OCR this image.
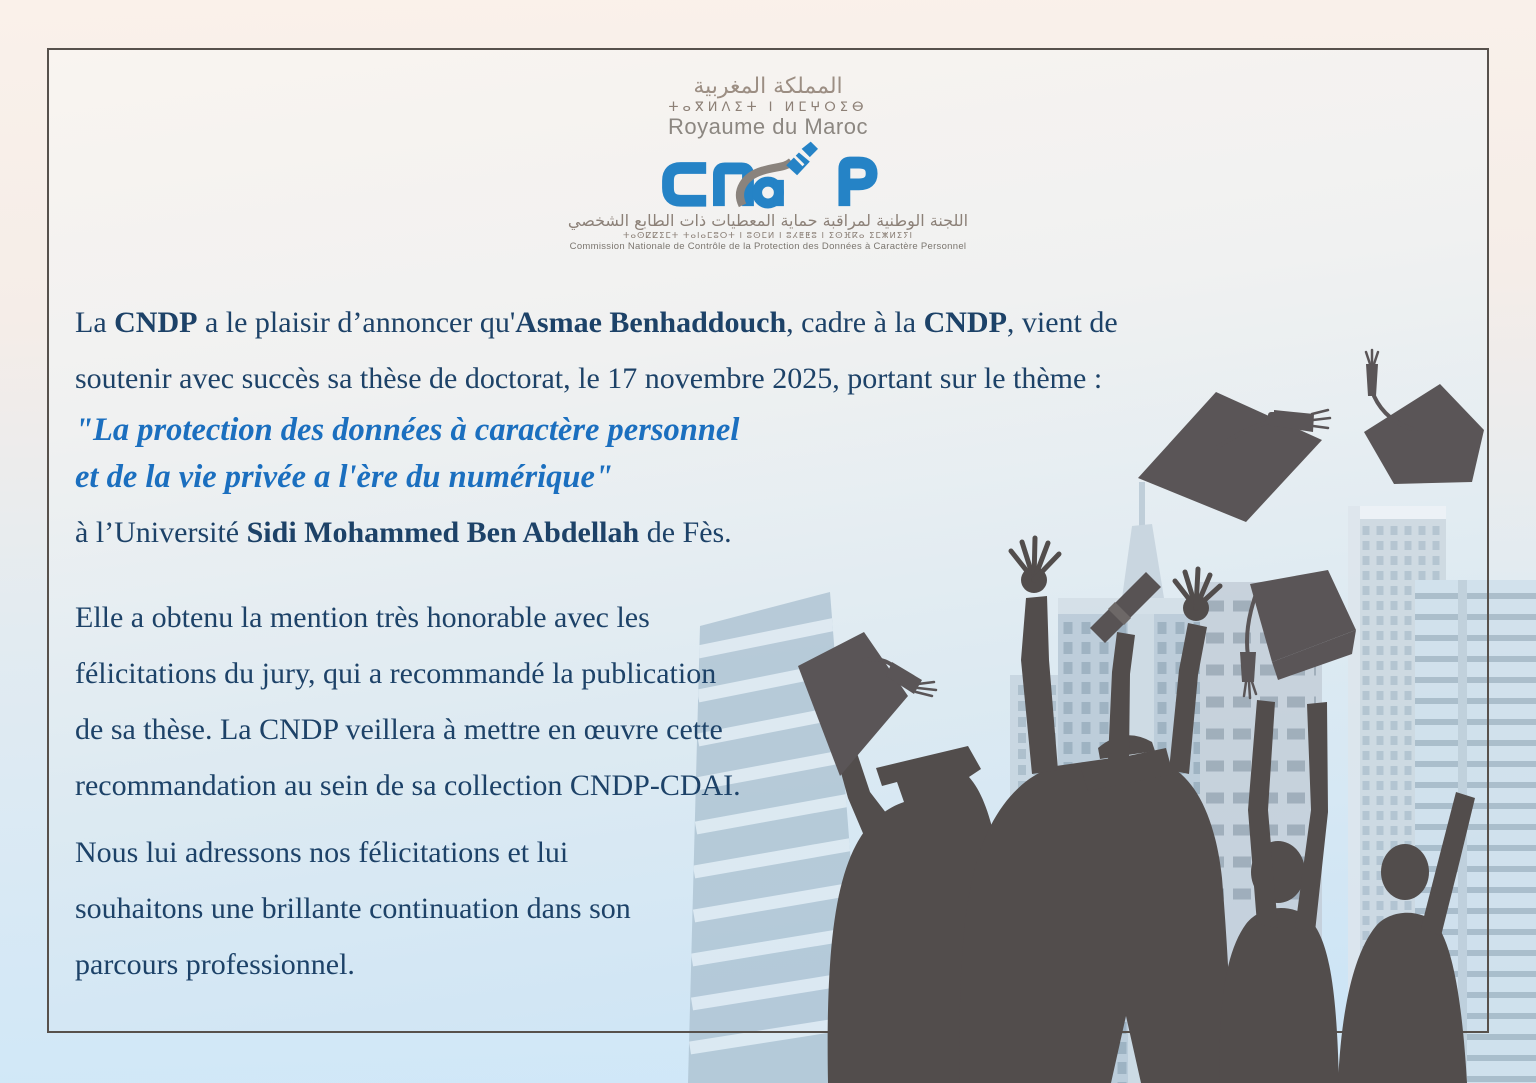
المملكة المغربية
ⵜⴰⴳⵍⴷⵉⵜ ⵏ ⵍⵎⵖⵔⵉⴱ
Royaume du Maroc
اللجنة الوطنية لمراقبة حماية المعطيات ذات الطابع الشخصي
ⵜⴰⵙⵇⵇⵉⵎⵜ ⵜⴰⵏⴰⵎⵓⵔⵜ ⵏ ⵓⵙⵎⵍ ⵏ ⵓⵃⵟⵟⵓ ⵏ ⵉⵙⴼⴽⴰ ⵉⵎⵥⵍⵉⵢⵏ
Commission Nationale de Contrôle de la Protection des Données à Caractère Personnel
La CNDP a le plaisir d’annoncer qu'Asmae Benhaddouch, cadre à la CNDP, vient de
soutenir avec succès sa thèse de doctorat, le 17 novembre 2025, portant sur le thème :
"La protection des données à caractère personnel
et de la vie privée a l'ère du numérique"
à l’Université Sidi Mohammed Ben Abdellah de Fès.
Elle a obtenu la mention très honorable avec les
félicitations du jury, qui a recommandé la publication
de sa thèse. La CNDP veillera à mettre en œuvre cette
recommandation au sein de sa collection CNDP-CDAI.
Nous lui adressons nos félicitations et lui
souhaitons une brillante continuation dans son
parcours professionnel.
